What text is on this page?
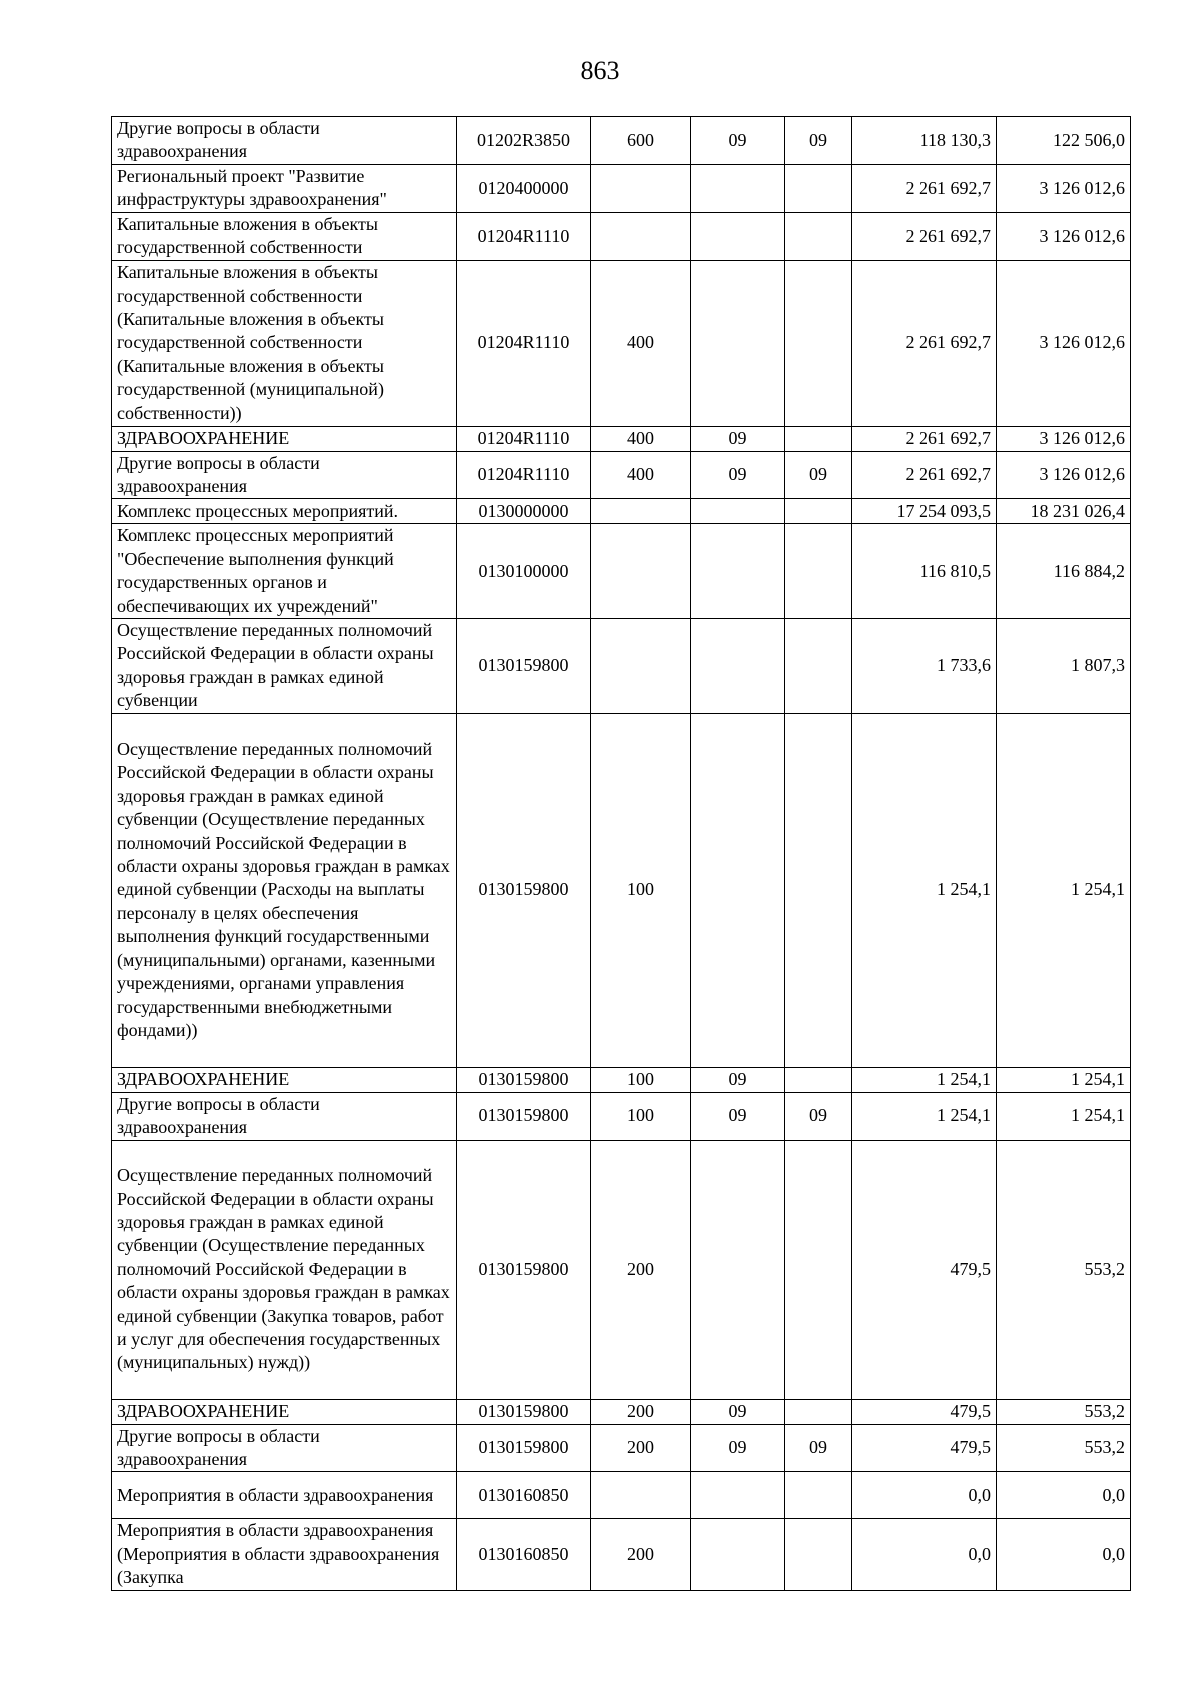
863
Другие вопросы в области здравоохранения	01202R3850	600	09	09	118 130,3	122 506,0
Региональный проект "Развитие инфраструктуры здравоохранения"	0120400000				2 261 692,7	3 126 012,6
Капитальные вложения в объекты государственной собственности	01204R1110				2 261 692,7	3 126 012,6
Капитальные вложения в объекты государственной собственности (Капитальные вложения в объекты государственной собственности (Капитальные вложения в объекты государственной (муниципальной) собственности))	01204R1110	400			2 261 692,7	3 126 012,6
ЗДРАВООХРАНЕНИЕ	01204R1110	400	09		2 261 692,7	3 126 012,6
Другие вопросы в области здравоохранения	01204R1110	400	09	09	2 261 692,7	3 126 012,6
Комплекс процессных мероприятий.	0130000000				17 254 093,5	18 231 026,4
Комплекс процессных мероприятий "Обеспечение выполнения функций государственных органов и обеспечивающих их учреждений"	0130100000				116 810,5	116 884,2
Осуществление переданных полномочий Российской Федерации в области охраны здоровья граждан в рамках единой субвенции	0130159800				1 733,6	1 807,3
Осуществление переданных полномочий Российской Федерации в области охраны здоровья граждан в рамках единой субвенции (Осуществление переданных полномочий Российской Федерации в области охраны здоровья граждан в рамках единой субвенции (Расходы на выплаты персоналу в целях обеспечения выполнения функций государственными (муниципальными) органами, казенными учреждениями, органами управления государственными внебюджетными фондами))	0130159800	100			1 254,1	1 254,1
ЗДРАВООХРАНЕНИЕ	0130159800	100	09		1 254,1	1 254,1
Другие вопросы в области здравоохранения	0130159800	100	09	09	1 254,1	1 254,1
Осуществление переданных полномочий Российской Федерации в области охраны здоровья граждан в рамках единой субвенции (Осуществление переданных полномочий Российской Федерации в области охраны здоровья граждан в рамках единой субвенции (Закупка товаров, работ и услуг для обеспечения государственных (муниципальных) нужд))	0130159800	200			479,5	553,2
ЗДРАВООХРАНЕНИЕ	0130159800	200	09		479,5	553,2
Другие вопросы в области здравоохранения	0130159800	200	09	09	479,5	553,2
Мероприятия в области здравоохранения	0130160850				0,0	0,0
Мероприятия в области здравоохранения (Мероприятия в области здравоохранения (Закупка	0130160850	200			0,0	0,0
